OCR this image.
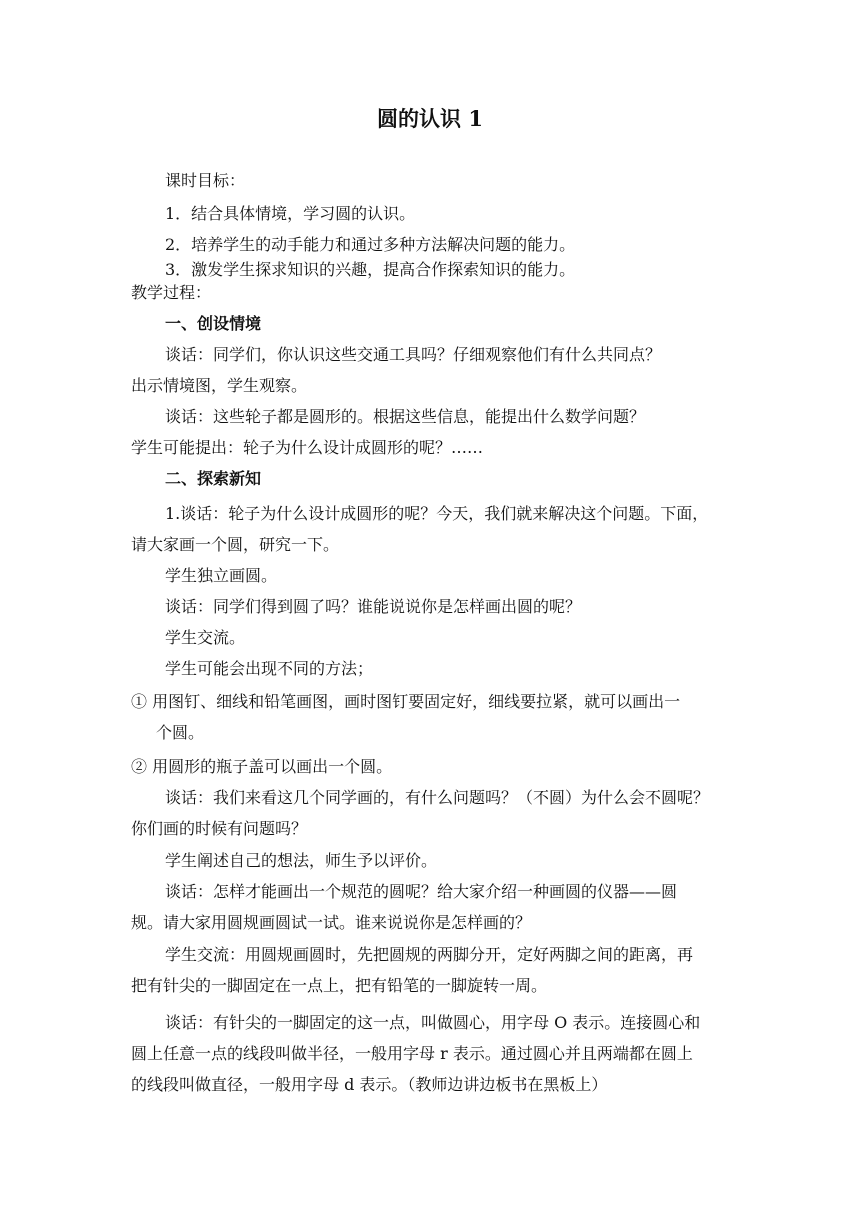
圆的认识 1
课时目标：
1．结合具体情境，学习圆的认识。
2．培养学生的动手能力和通过多种方法解决问题的能力。
3．激发学生探求知识的兴趣，提高合作探索知识的能力。
教学过程：
一、创设情境
谈话：同学们，你认识这些交通工具吗？仔细观察他们有什么共同点？
出示情境图，学生观察。
谈话：这些轮子都是圆形的。根据这些信息，能提出什么数学问题？
学生可能提出：轮子为什么设计成圆形的呢？……
二、探索新知
1.谈话：轮子为什么设计成圆形的呢？今天，我们就来解决这个问题。下面，
请大家画一个圆，研究一下。
学生独立画圆。
谈话：同学们得到圆了吗？谁能说说你是怎样画出圆的呢？
学生交流。
学生可能会出现不同的方法；
① 用图钉、细线和铅笔画图，画时图钉要固定好，细线要拉紧，就可以画出一
个圆。
② 用圆形的瓶子盖可以画出一个圆。
谈话：我们来看这几个同学画的，有什么问题吗？（不圆）为什么会不圆呢？
你们画的时候有问题吗？
学生阐述自己的想法，师生予以评价。
谈话：怎样才能画出一个规范的圆呢？给大家介绍一种画圆的仪器——圆
规。请大家用圆规画圆试一试。谁来说说你是怎样画的？
学生交流：用圆规画圆时，先把圆规的两脚分开，定好两脚之间的距离，再
把有针尖的一脚固定在一点上，把有铅笔的一脚旋转一周。
谈话：有针尖的一脚固定的这一点，叫做圆心，用字母 O 表示。连接圆心和
圆上任意一点的线段叫做半径，一般用字母 r 表示。通过圆心并且两端都在圆上
的线段叫做直径，一般用字母 d 表示。（教师边讲边板书在黑板上）
